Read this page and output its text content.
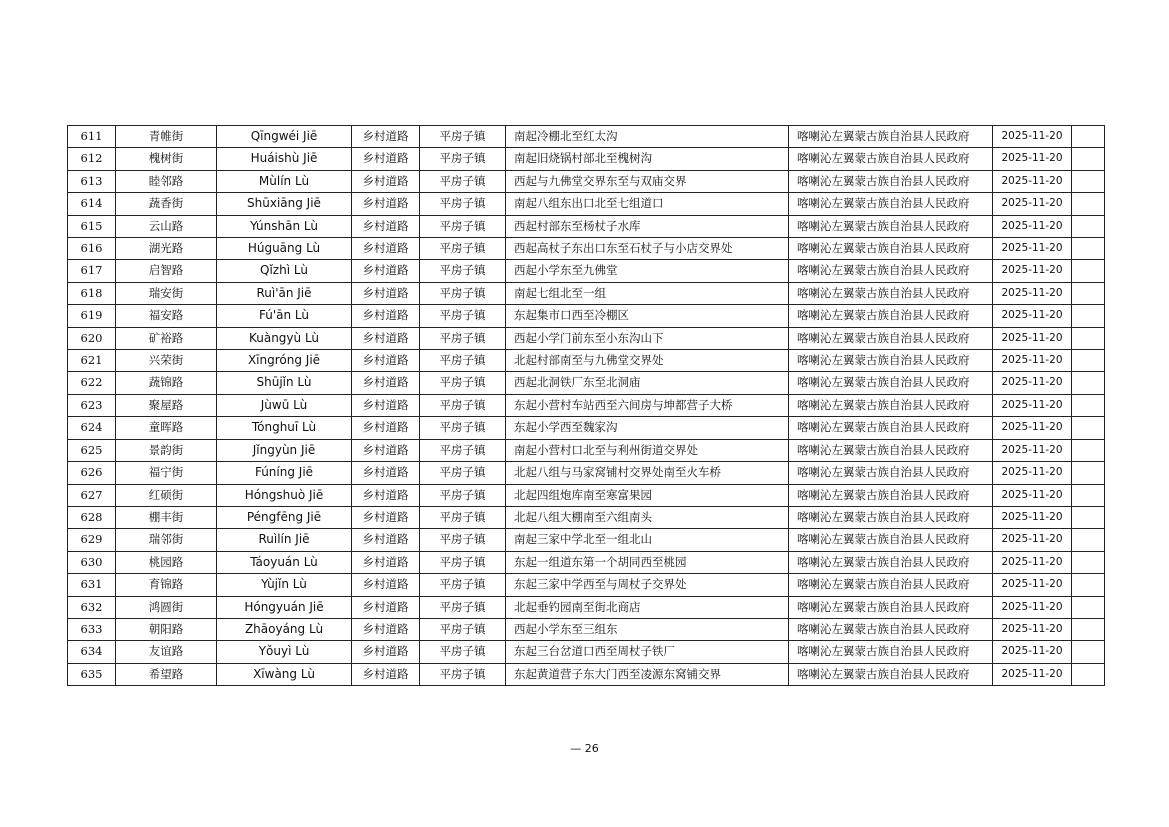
611	青帷街	Qīngwéi Jiē	乡村道路	平房子镇	南起冷棚北至红太沟	喀喇沁左翼蒙古族自治县人民政府	2025-11-20	
612	槐树街	Huáishù Jiē	乡村道路	平房子镇	南起旧烧锅村部北至槐树沟	喀喇沁左翼蒙古族自治县人民政府	2025-11-20	
613	睦邻路	Mùlín Lù	乡村道路	平房子镇	西起与九佛堂交界东至与双庙交界	喀喇沁左翼蒙古族自治县人民政府	2025-11-20	
614	蔬香街	Shūxiāng Jiē	乡村道路	平房子镇	南起八组东出口北至七组道口	喀喇沁左翼蒙古族自治县人民政府	2025-11-20	
615	云山路	Yúnshān Lù	乡村道路	平房子镇	西起村部东至杨杖子水库	喀喇沁左翼蒙古族自治县人民政府	2025-11-20	
616	湖光路	Húguāng Lù	乡村道路	平房子镇	西起高杖子东出口东至石杖子与小店交界处	喀喇沁左翼蒙古族自治县人民政府	2025-11-20	
617	启智路	Qǐzhì Lù	乡村道路	平房子镇	西起小学东至九佛堂	喀喇沁左翼蒙古族自治县人民政府	2025-11-20	
618	瑞安街	Ruì'ān Jiē	乡村道路	平房子镇	南起七组北至一组	喀喇沁左翼蒙古族自治县人民政府	2025-11-20	
619	福安路	Fú'ān Lù	乡村道路	平房子镇	东起集市口西至冷棚区	喀喇沁左翼蒙古族自治县人民政府	2025-11-20	
620	矿裕路	Kuàngyù Lù	乡村道路	平房子镇	西起小学门前东至小东沟山下	喀喇沁左翼蒙古族自治县人民政府	2025-11-20	
621	兴荣街	Xīngróng Jiē	乡村道路	平房子镇	北起村部南至与九佛堂交界处	喀喇沁左翼蒙古族自治县人民政府	2025-11-20	
622	蔬锦路	Shūjǐn Lù	乡村道路	平房子镇	西起北洞铁厂东至北洞庙	喀喇沁左翼蒙古族自治县人民政府	2025-11-20	
623	聚屋路	Jùwū Lù	乡村道路	平房子镇	东起小营村车站西至六间房与坤都营子大桥	喀喇沁左翼蒙古族自治县人民政府	2025-11-20	
624	童晖路	Tónghuī Lù	乡村道路	平房子镇	东起小学西至魏家沟	喀喇沁左翼蒙古族自治县人民政府	2025-11-20	
625	景韵街	Jǐngyùn Jiē	乡村道路	平房子镇	南起小营村口北至与利州街道交界处	喀喇沁左翼蒙古族自治县人民政府	2025-11-20	
626	福宁街	Fúníng Jiē	乡村道路	平房子镇	北起八组与马家窝铺村交界处南至火车桥	喀喇沁左翼蒙古族自治县人民政府	2025-11-20	
627	红硕街	Hóngshuò Jiē	乡村道路	平房子镇	北起四组炮库南至寒富果园	喀喇沁左翼蒙古族自治县人民政府	2025-11-20	
628	棚丰街	Péngfēng Jiē	乡村道路	平房子镇	北起八组大棚南至六组南头	喀喇沁左翼蒙古族自治县人民政府	2025-11-20	
629	瑞邻街	Ruìlín Jiē	乡村道路	平房子镇	南起三家中学北至一组北山	喀喇沁左翼蒙古族自治县人民政府	2025-11-20	
630	桃园路	Táoyuán Lù	乡村道路	平房子镇	东起一组道东第一个胡同西至桃园	喀喇沁左翼蒙古族自治县人民政府	2025-11-20	
631	育锦路	Yùjǐn Lù	乡村道路	平房子镇	东起三家中学西至与周杖子交界处	喀喇沁左翼蒙古族自治县人民政府	2025-11-20	
632	鸿圆街	Hóngyuán Jiē	乡村道路	平房子镇	北起垂钓园南至街北商店	喀喇沁左翼蒙古族自治县人民政府	2025-11-20	
633	朝阳路	Zhāoyáng Lù	乡村道路	平房子镇	西起小学东至三组东	喀喇沁左翼蒙古族自治县人民政府	2025-11-20	
634	友谊路	Yǒuyì Lù	乡村道路	平房子镇	东起三台岔道口西至周杖子铁厂	喀喇沁左翼蒙古族自治县人民政府	2025-11-20	
635	希望路	Xīwàng Lù	乡村道路	平房子镇	东起黄道营子东大门西至凌源东窝铺交界	喀喇沁左翼蒙古族自治县人民政府	2025-11-20	
— 26
